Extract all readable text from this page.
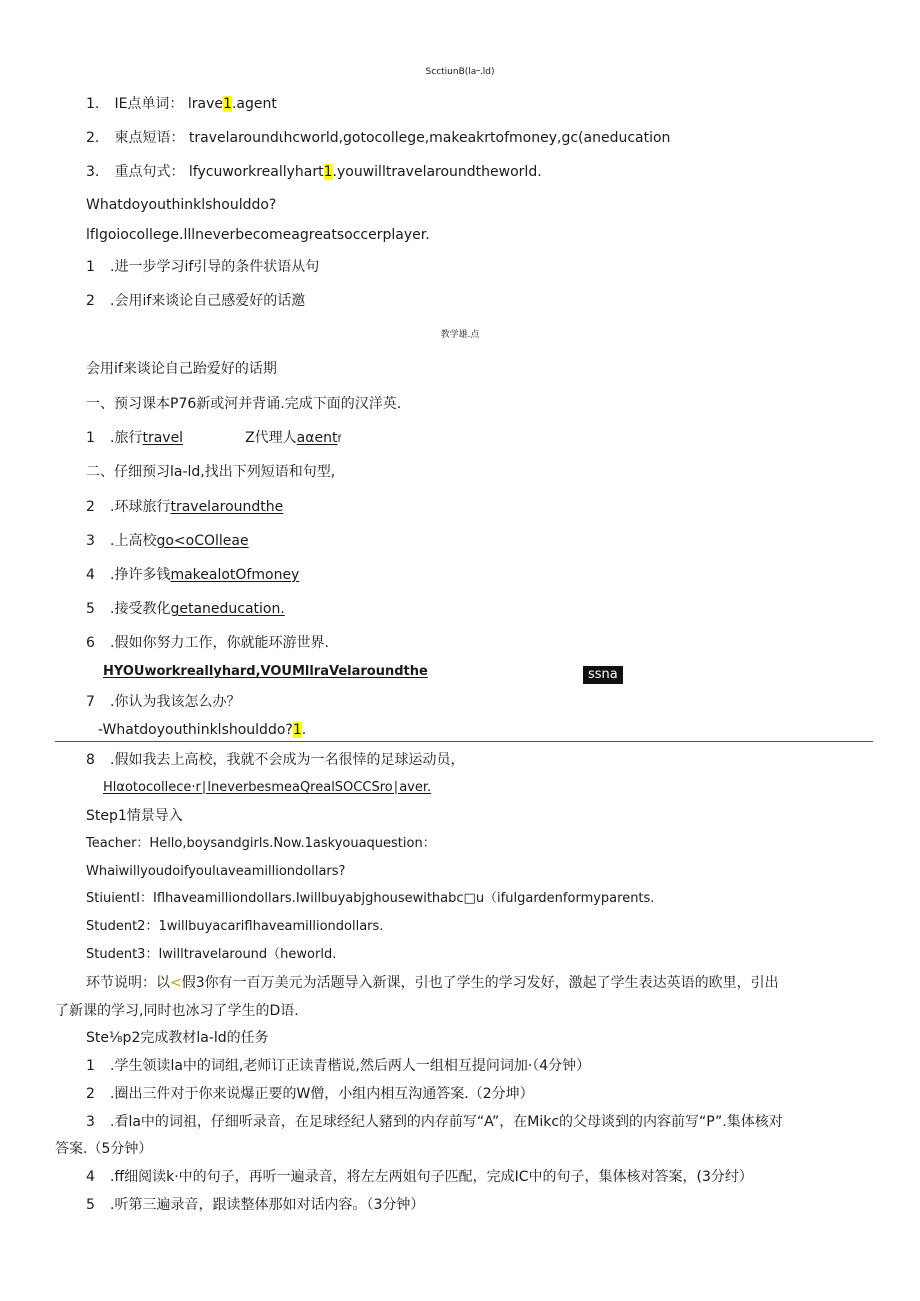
ScctiunB(la᠆.ld)
1. IE点单词： lrave1.agent
2. 柬点短语： travelaroundιhcworld,gotocollege,makeakrtofmoney,gc(aneducation
3. 重点句式： lfycuworkreallyhart1.youwilltravelaroundtheworld.
Whatdoyouthinklshoulddo?
lfIgoiocollege.lllneverbecomeagreatsoccerplayer.
1 .进一步学习if引导的条件状语从句
2 .会用if来谈论自己感爱好的话邀
教学雄.点
会用if来谈论自己跆爱好的话期
一、预习课本P76新或河并背诵.完成下面的汉洋英.
1 .旅行travel	Z代理人aαentf
二、仔细预习la-ld,找出下列短语和句型,
2 .环球旅行travelaroundthe
3 .上高校go<oCOlleae
4 .挣许多钱makealotOfmoney
5 .接受教化getaneducation.
6 .假如你努力工作，你就能环游世界.
HYOUworkreallyhard,VOUMllraVelaroundthe	ssna
7 .你认为我该怎么办？
-Whatdoyouthinklshoulddo?1.
8 .假如我去上高校，我就不会成为一名很悻的足球运动员，
Hlαotocollece·r∣lneverbesmeaQrealSOCCSro∣aver.
Step1情景导入
Teacher：Hello,boysandgirls.Now.1askyouaquestion：
Whaiwillyoudoifyoulιaveamilliondollars?
StiuientI：Iflhaveamilliondollars.Iwillbuyabjghousewithabc□u（ifulgardenformyparents.
Student2：1willbuyacariflhaveamilliondollars.
Student3：Iwilltravelaround（heworld.
环节说明：以<假3你有一百万美元为活题导入新课，引也了学生的学习发好，激起了学生表达英语的欧里，引出
了新课的学习,同时也冰习了学生的D语.
Ste⅛p2完成教材la-ld的任务
1 .学生领读la中的词组,老师订正读青楷说,然后两人一组相互提问词加·（4分钟）
2 .圈出三件对于你来说爆正要的W僧，小组内相互沟通答案.（2分坤）
3 .看la中的词祖，仔细听录音，在足球经纪人豬到的内存前写“A”，在Mikc的父母谈到的内容前写“P”.集体核对
答案.（5分钟）
4 .ff细阅读k·中的句子，再听一遍录音，将左左两姐句子匹配，完成IC中的句子，集体核对答案，(3分纣）
5 .听第三遍录音，跟读整体那如对话内容。（3分钟）
